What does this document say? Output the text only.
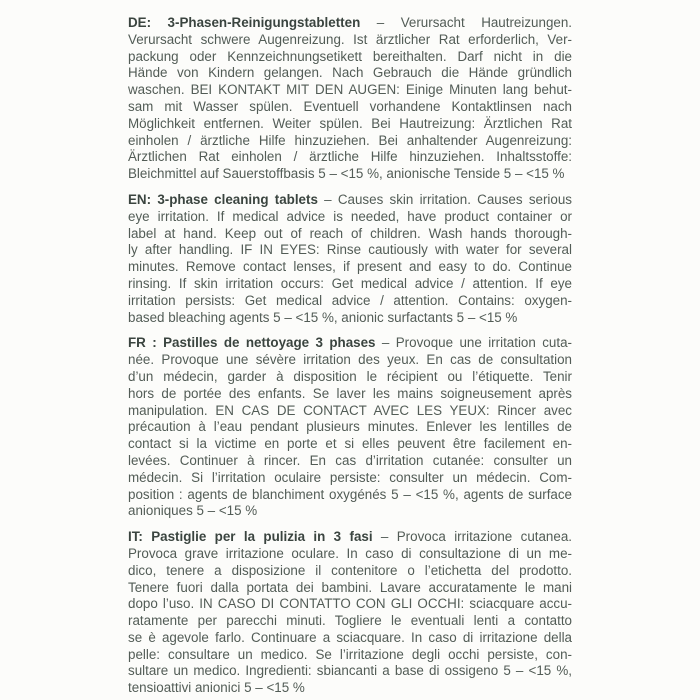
DE: 3-Phasen-Reinigungstabletten – Verursacht Hautreizungen.
Verursacht schwere Augenreizung. Ist ärztlicher Rat erforderlich, Ver-
packung oder Kennzeichnungsetikett bereithalten. Darf nicht in die
Hände von Kindern gelangen. Nach Gebrauch die Hände gründlich
waschen. BEI KONTAKT MIT DEN AUGEN: Einige Minuten lang behut-
sam mit Wasser spülen. Eventuell vorhandene Kontaktlinsen nach
Möglichkeit entfernen. Weiter spülen. Bei Hautreizung: Ärztlichen Rat
einholen / ärztliche Hilfe hinzuziehen. Bei anhaltender Augenreizung:
Ärztlichen Rat einholen / ärztliche Hilfe hinzuziehen. Inhaltsstoffe:
Bleichmittel auf Sauerstoffbasis 5 – <15 %, anionische Tenside 5 – <15 %
EN: 3-phase cleaning tablets – Causes skin irritation. Causes serious
eye irritation. If medical advice is needed, have product container or
label at hand. Keep out of reach of children. Wash hands thorough-
ly after handling. IF IN EYES: Rinse cautiously with water for several
minutes. Remove contact lenses, if present and easy to do. Continue
rinsing. If skin irritation occurs: Get medical advice / attention. If eye
irritation persists: Get medical advice / attention. Contains: oxygen-
based bleaching agents 5 – <15 %, anionic surfactants 5 – <15 %
FR : Pastilles de nettoyage 3 phases – Provoque une irritation cuta-
née. Provoque une sévère irritation des yeux. En cas de consultation
d’un médecin, garder à disposition le récipient ou l’étiquette. Tenir
hors de portée des enfants. Se laver les mains soigneusement après
manipulation. EN CAS DE CONTACT AVEC LES YEUX: Rincer avec
précaution à l’eau pendant plusieurs minutes. Enlever les lentilles de
contact si la victime en porte et si elles peuvent être facilement en-
levées. Continuer à rincer. En cas d’irritation cutanée: consulter un
médecin. Si l’irritation oculaire persiste: consulter un médecin. Com-
position : agents de blanchiment oxygénés 5 – <15 %, agents de surface
anioniques 5 – <15 %
IT: Pastiglie per la pulizia in 3 fasi – Provoca irritazione cutanea.
Provoca grave irritazione oculare. In caso di consultazione di un me-
dico, tenere a disposizione il contenitore o l’etichetta del prodotto.
Tenere fuori dalla portata dei bambini. Lavare accuratamente le mani
dopo l’uso. IN CASO DI CONTATTO CON GLI OCCHI: sciacquare accu-
ratamente per parecchi minuti. Togliere le eventuali lenti a contatto
se è agevole farlo. Continuare a sciacquare. In caso di irritazione della
pelle: consultare un medico. Se l’irritazione degli occhi persiste, con-
sultare un medico. Ingredienti: sbiancanti a base di ossigeno 5 – <15 %,
tensioattivi anionici 5 – <15 %
